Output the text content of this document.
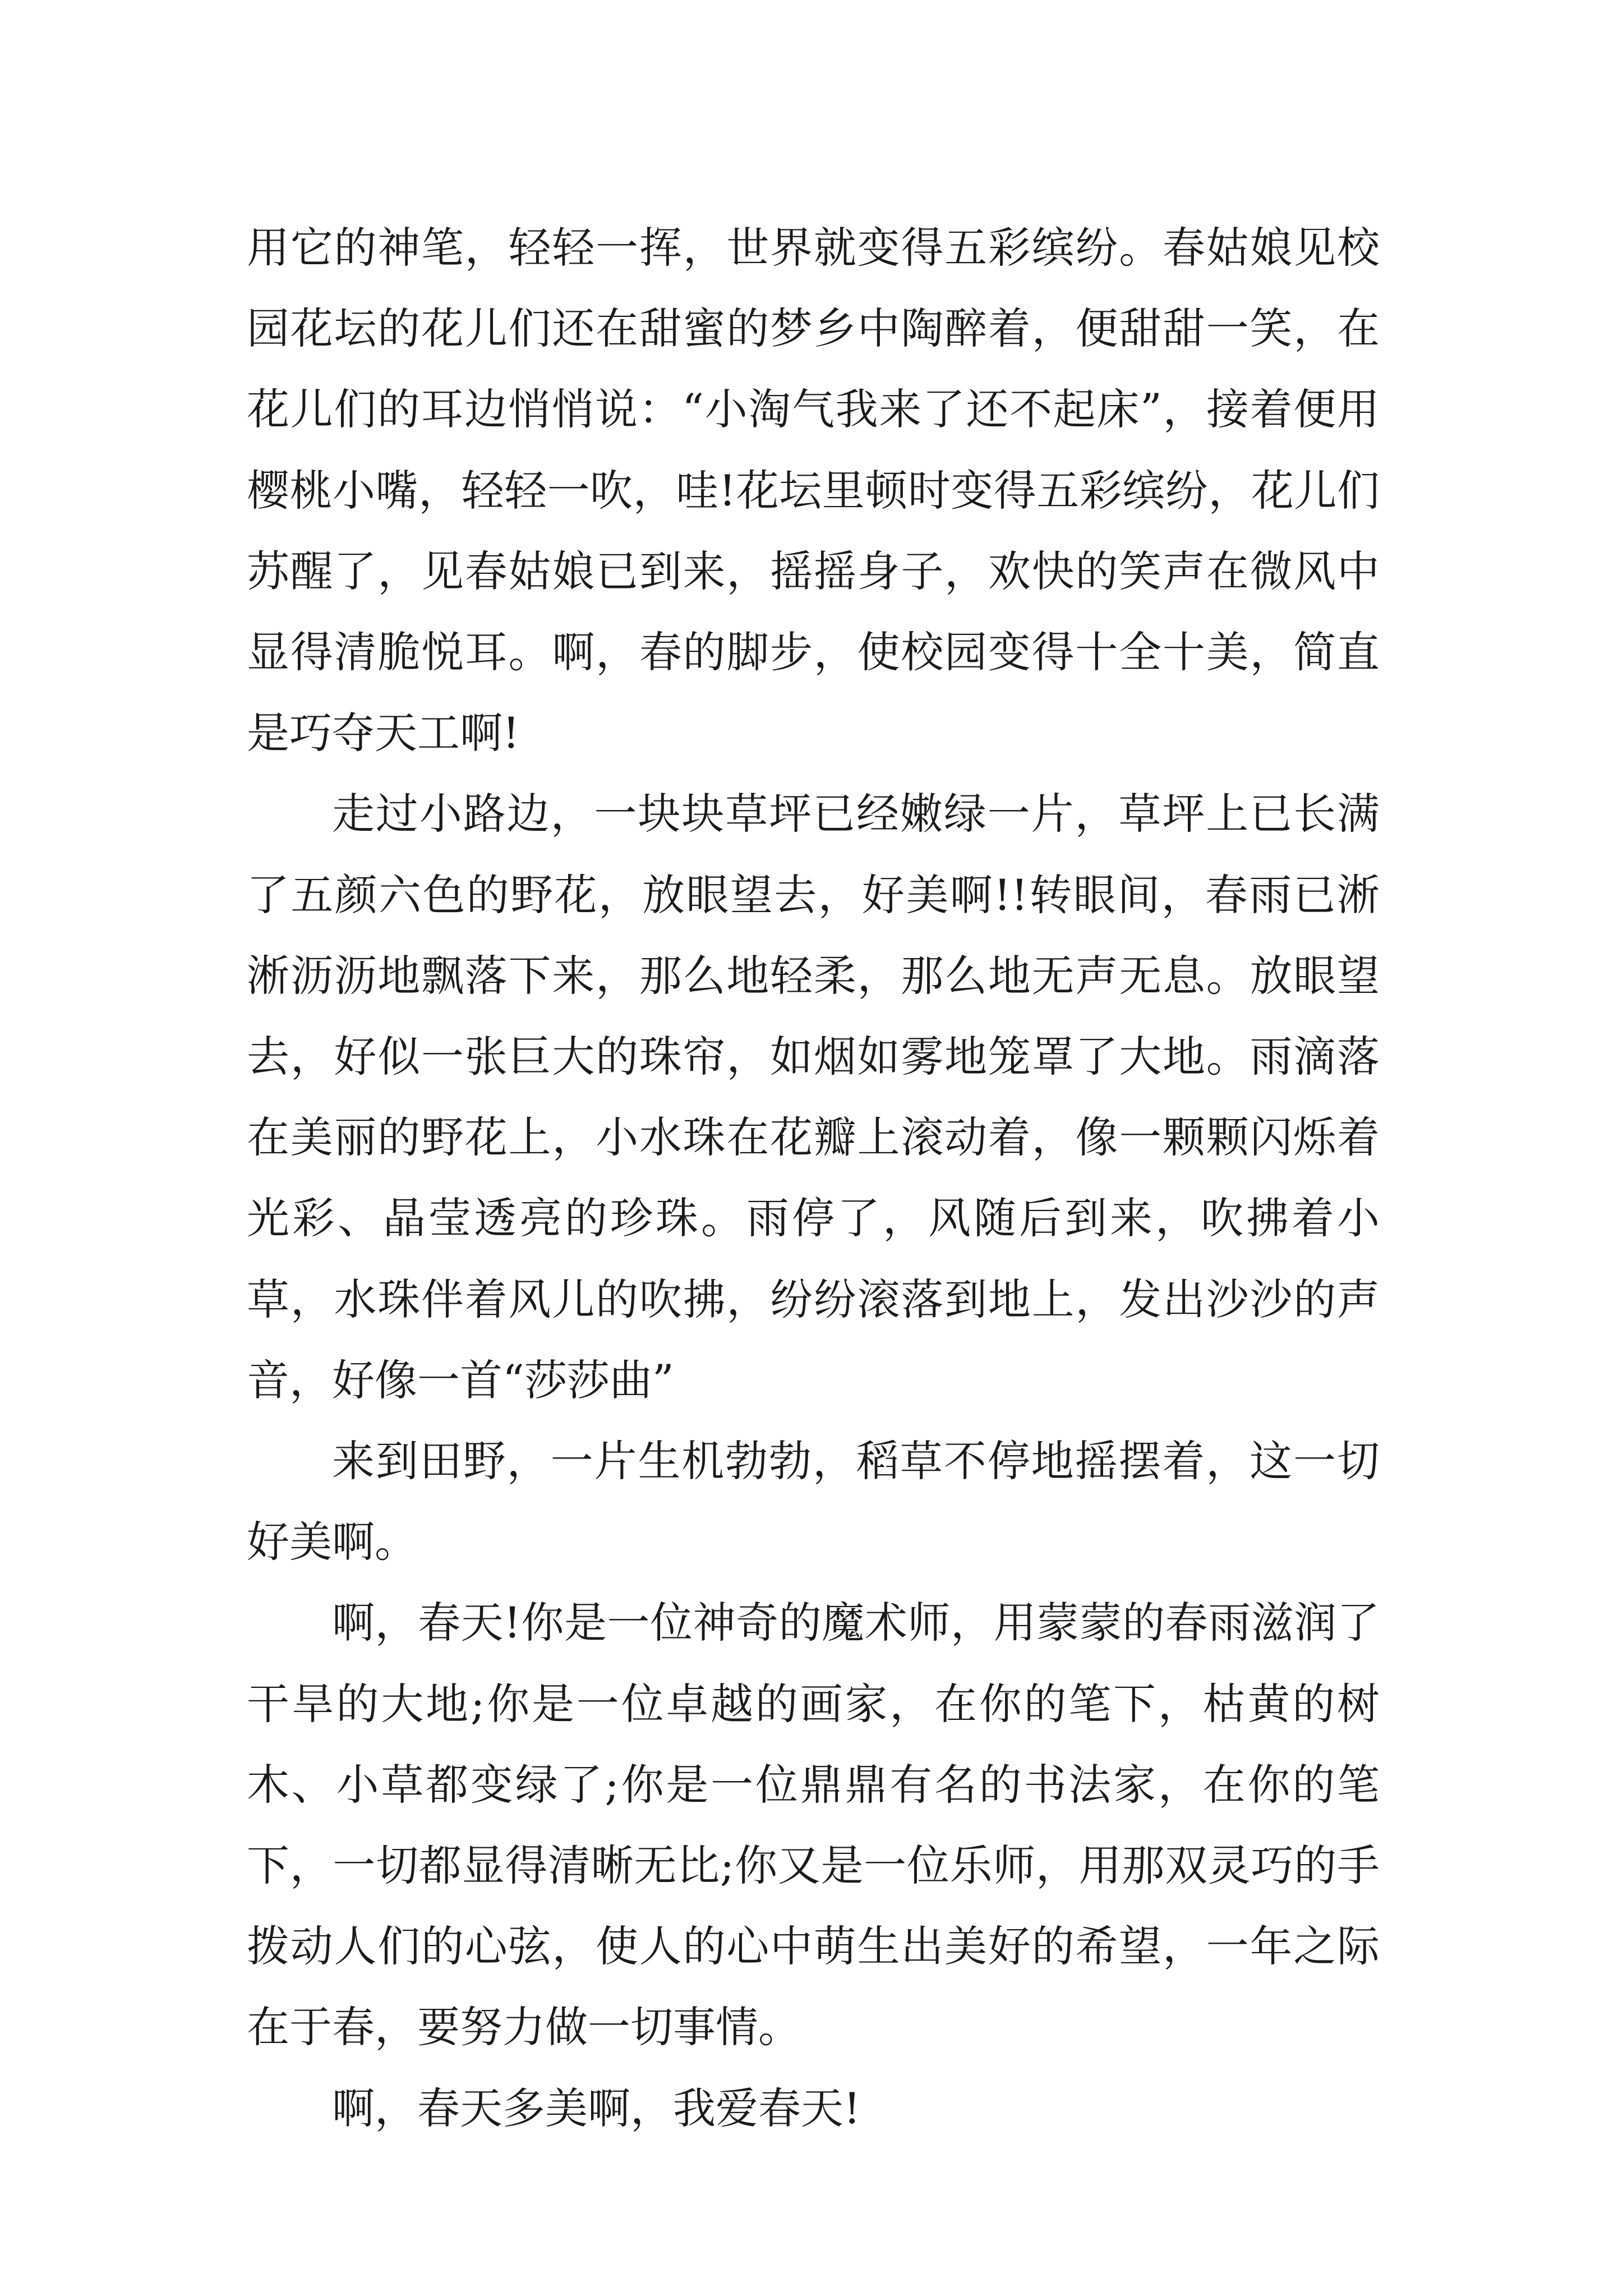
用它的神笔，轻轻一挥，世界就变得五彩缤纷。春姑娘见校园花坛的花儿们还在甜蜜的梦乡中陶醉着，便甜甜一笑，在花儿们的耳边悄悄说：“小淘气我来了还不起床”，接着便用樱桃小嘴，轻轻一吹，哇!花坛里顿时变得五彩缤纷，花儿们苏醒了，见春姑娘已到来，摇摇身子，欢快的笑声在微风中显得清脆悦耳。啊，春的脚步，使校园变得十全十美，简直是巧夺天工啊!

走过小路边，一块块草坪已经嫩绿一片，草坪上已长满了五颜六色的野花，放眼望去，好美啊!!转眼间，春雨已淅淅沥沥地飘落下来，那么地轻柔，那么地无声无息。放眼望去，好似一张巨大的珠帘，如烟如雾地笼罩了大地。雨滴落在美丽的野花上，小水珠在花瓣上滚动着，像一颗颗闪烁着光彩、晶莹透亮的珍珠。雨停了，风随后到来，吹拂着小草，水珠伴着风儿的吹拂，纷纷滚落到地上，发出沙沙的声音，好像一首“莎莎曲”

来到田野，一片生机勃勃，稻草不停地摇摆着，这一切好美啊。

啊，春天!你是一位神奇的魔术师，用蒙蒙的春雨滋润了干旱的大地;你是一位卓越的画家，在你的笔下，枯黄的树木、小草都变绿了;你是一位鼎鼎有名的书法家，在你的笔下，一切都显得清晰无比;你又是一位乐师，用那双灵巧的手拨动人们的心弦，使人的心中萌生出美好的希望，一年之际在于春，要努力做一切事情。

啊，春天多美啊，我爱春天!
